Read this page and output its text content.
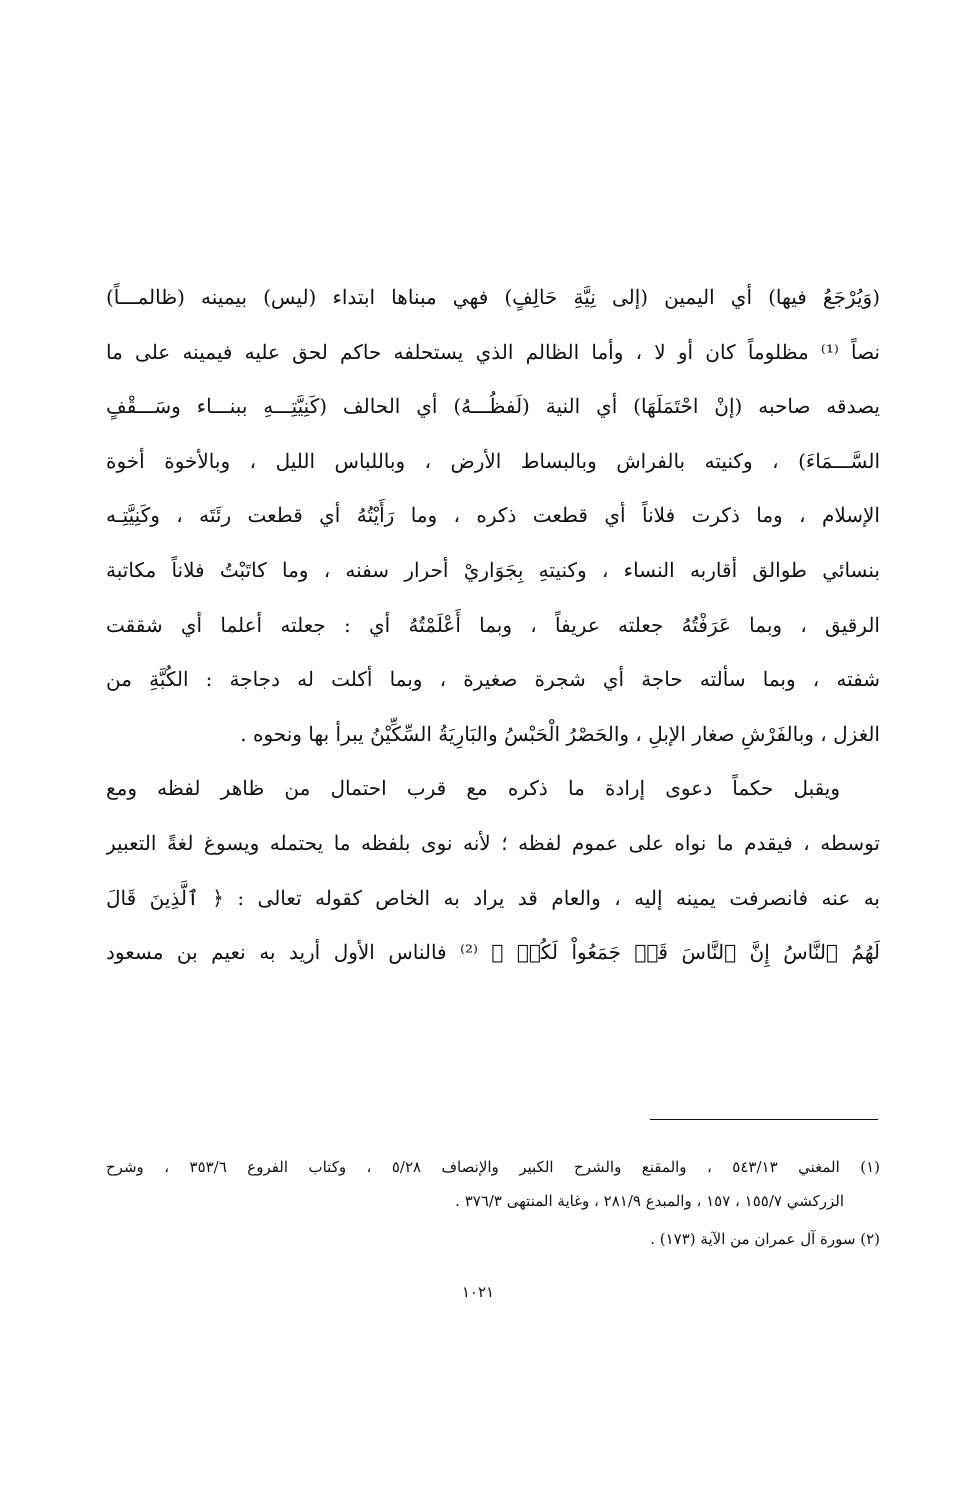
(وَيُرْجَعُ فيها) أي اليمين (إلى نِيَّةِ حَالِفٍ) فهي مبناها ابتداء (ليس) بيمينه (ظالمـــاً)
نصاً ⁽¹⁾ مظلوماً كان أو لا ، وأما الظالم الذي يستحلفه حاكم لحق عليه فيمينه على ما
يصدقه صاحبه (إنْ احْتَمَلَهَا) أي النية (لَفظُـــهُ) أي الحالف (كَنِيَّتِـــهِ ببنـــاء وسَـــقْفٍ
السَّـــمَاءَ) ، وكنيته بالفراش وبالبساط الأرض ، وباللباس الليل ، وبالأخوة أخوة
الإسلام ، وما ذكرت فلاناً أي قطعت ذكره ، وما رَأَيْتُهُ أي قطعت رئَتَه ، وكَنِيَّتِـه
بنسائي طوالق أقاربه النساء ، وكنيتهِ بِجَوَاريْ أحرار سفنه ، وما كاتَبْتُ فلاناً مكاتبة
الرقيق ، وبما عَرَفْتُهُ جعلته عريفاً ، وبما أَعْلَمْتُهُ أي : جعلته أعلما أي شققت
شفته ، وبما سألته حاجة أي شجرة صغيرة ، وبما أكلت له دجاجة : الكُبَّةِ من
الغزل ، وبالفَرْشِ صغار الإبلِ ، والحَصْرُ الْحَبْسُ والبَارِيَةُ السِّكِّيْنُ يبرأ بها ونحوه .
ويقبل حكماً دعوى إرادة ما ذكره مع قرب احتمال من ظاهر لفظه ومع
توسطه ، فيقدم ما نواه على عموم لفظه ؛ لأنه نوى بلفظه ما يحتمله ويسوغ لغةً التعبير
به عنه فانصرفت يمينه إليه ، والعام قد يراد به الخاص كقوله تعالى : ﴿ ٱلَّذِينَ قَالَ
لَهُمُ ٱلنَّاسُ إِنَّ ٱلنَّاسَ قَدۡ جَمَعُواْ لَكُمۡ ﴾ ⁽²⁾ فالناس الأول أريد به نعيم بن مسعود
(١) المغني ٥٤٣/١٣ ، والمقنع والشرح الكبير والإنصاف ٥/٢٨ ، وكتاب الفروع ٣٥٣/٦ ، وشرح
الزركشي ١٥٥/٧ ، ١٥٧ ، والمبدع ٢٨١/٩ ، وغاية المنتهى ٣٧٦/٣ .
(٢) سورة آل عمران من الآية (١٧٣) .
١٠٢١
